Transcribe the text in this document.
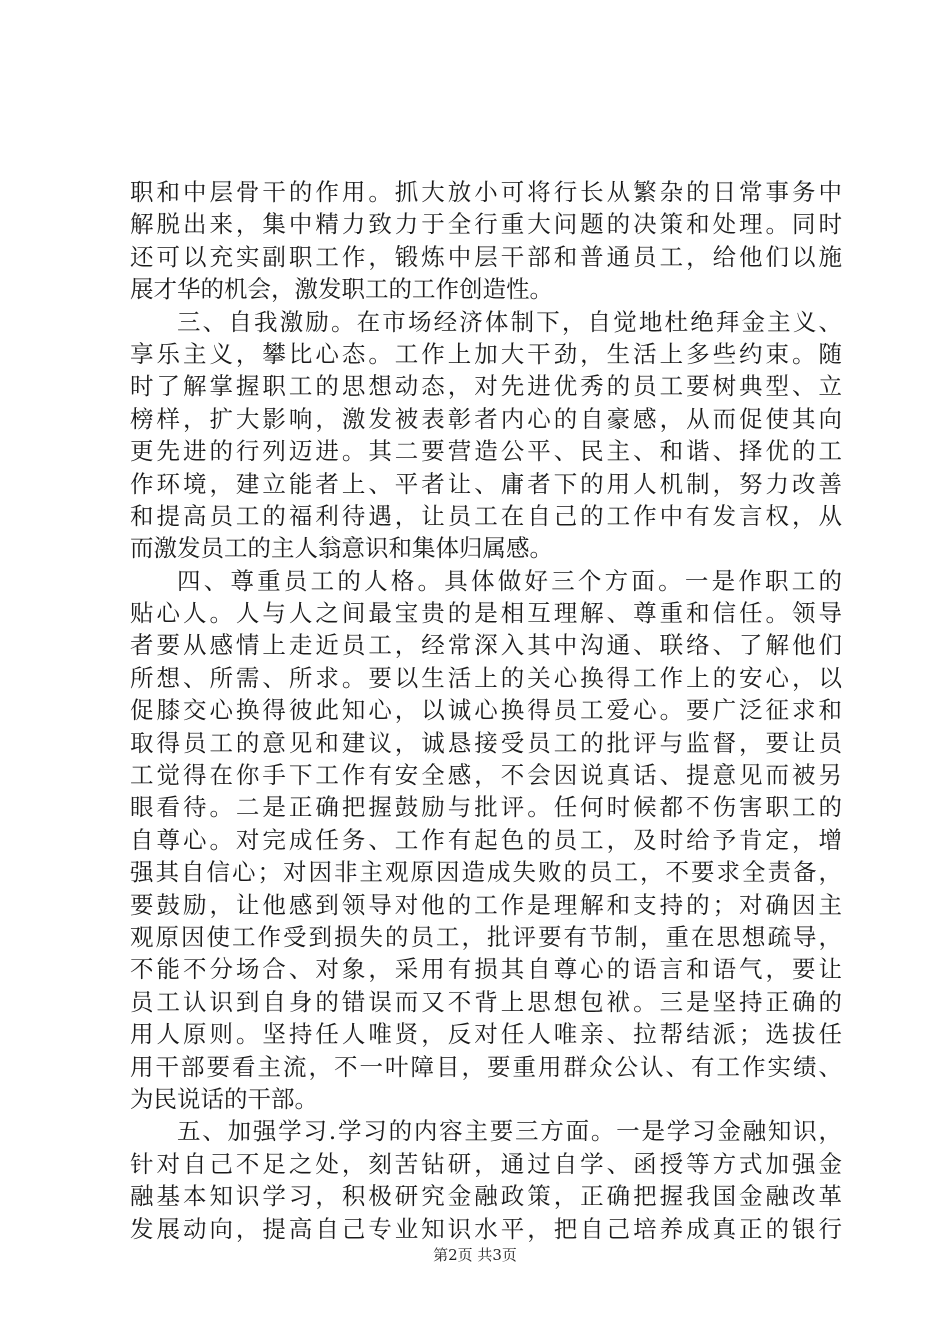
职和中层骨干的作用。抓大放小可将行长从繁杂的日常事务中
解脱出来，集中精力致力于全行重大问题的决策和处理。同时
还可以充实副职工作，锻炼中层干部和普通员工，给他们以施
展才华的机会，激发职工的工作创造性。
三、自我激励。在市场经济体制下，自觉地杜绝拜金主义、
享乐主义，攀比心态。工作上加大干劲，生活上多些约束。随
时了解掌握职工的思想动态，对先进优秀的员工要树典型、立
榜样，扩大影响，激发被表彰者内心的自豪感，从而促使其向
更先进的行列迈进。其二要营造公平、民主、和谐、择优的工
作环境，建立能者上、平者让、庸者下的用人机制，努力改善
和提高员工的福利待遇，让员工在自己的工作中有发言权，从
而激发员工的主人翁意识和集体归属感。
四、尊重员工的人格。具体做好三个方面。一是作职工的
贴心人。人与人之间最宝贵的是相互理解、尊重和信任。领导
者要从感情上走近员工，经常深入其中沟通、联络、了解他们
所想、所需、所求。要以生活上的关心换得工作上的安心，以
促膝交心换得彼此知心，以诚心换得员工爱心。要广泛征求和
取得员工的意见和建议，诚恳接受员工的批评与监督，要让员
工觉得在你手下工作有安全感，不会因说真话、提意见而被另
眼看待。二是正确把握鼓励与批评。任何时候都不伤害职工的
自尊心。对完成任务、工作有起色的员工，及时给予肯定，增
强其自信心；对因非主观原因造成失败的员工，不要求全责备，
要鼓励，让他感到领导对他的工作是理解和支持的；对确因主
观原因使工作受到损失的员工，批评要有节制，重在思想疏导，
不能不分场合、对象，采用有损其自尊心的语言和语气，要让
员工认识到自身的错误而又不背上思想包袱。三是坚持正确的
用人原则。坚持任人唯贤，反对任人唯亲、拉帮结派；选拔任
用干部要看主流，不一叶障目，要重用群众公认、有工作实绩、
为民说话的干部。
五、加强学习.学习的内容主要三方面。一是学习金融知识，
针对自己不足之处，刻苦钻研，通过自学、函授等方式加强金
融基本知识学习，积极研究金融政策，正确把握我国金融改革
发展动向，提高自己专业知识水平，把自己培养成真正的银行
第2页 共3页
